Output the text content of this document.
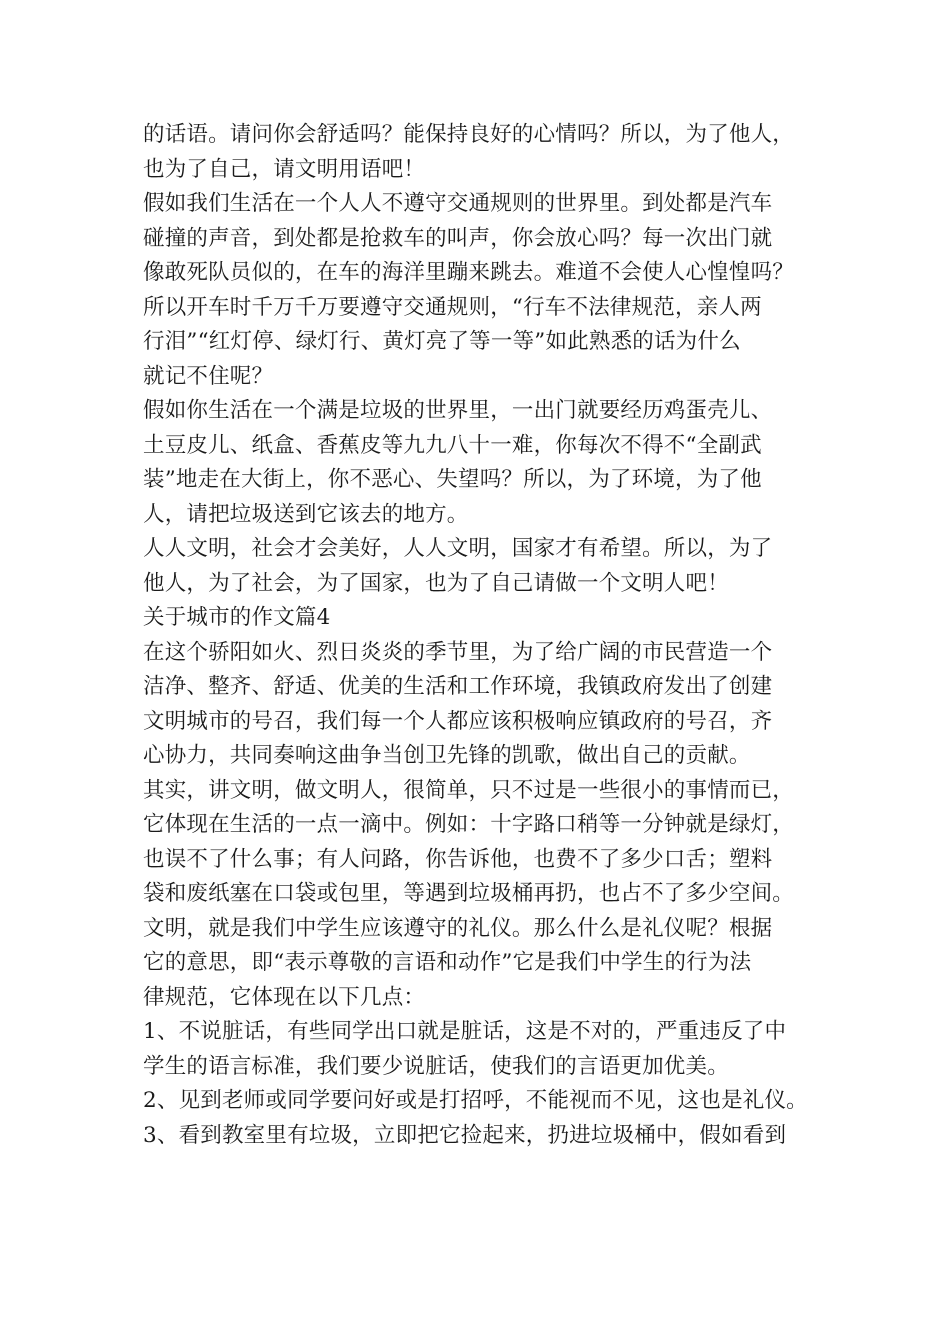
的话语。请问你会舒适吗？能保持良好的心情吗？所以，为了他人，
也为了自己，请文明用语吧！
假如我们生活在一个人人不遵守交通规则的世界里。到处都是汽车
碰撞的声音，到处都是抢救车的叫声，你会放心吗？每一次出门就
像敢死队员似的，在车的海洋里蹦来跳去。难道不会使人心惶惶吗？
所以开车时千万千万要遵守交通规则，“行车不法律规范，亲人两
行泪”“红灯停、绿灯行、黄灯亮了等一等”如此熟悉的话为什么
就记不住呢？
假如你生活在一个满是垃圾的世界里，一出门就要经历鸡蛋壳儿、
土豆皮儿、纸盒、香蕉皮等九九八十一难，你每次不得不“全副武
装”地走在大街上，你不恶心、失望吗？所以，为了环境，为了他
人，请把垃圾送到它该去的地方。
人人文明，社会才会美好，人人文明，国家才有希望。所以，为了
他人，为了社会，为了国家，也为了自己请做一个文明人吧！
关于城市的作文篇4
在这个骄阳如火、烈日炎炎的季节里，为了给广阔的市民营造一个
洁净、整齐、舒适、优美的生活和工作环境，我镇政府发出了创建
文明城市的号召，我们每一个人都应该积极响应镇政府的号召，齐
心协力，共同奏响这曲争当创卫先锋的凯歌，做出自己的贡献。
其实，讲文明，做文明人，很简单，只不过是一些很小的事情而已，
它体现在生活的一点一滴中。例如：十字路口稍等一分钟就是绿灯，
也误不了什么事；有人问路，你告诉他，也费不了多少口舌；塑料
袋和废纸塞在口袋或包里，等遇到垃圾桶再扔，也占不了多少空间。
文明，就是我们中学生应该遵守的礼仪。那么什么是礼仪呢？根据
它的意思，即“表示尊敬的言语和动作”它是我们中学生的行为法
律规范，它体现在以下几点：
1、不说脏话，有些同学出口就是脏话，这是不对的，严重违反了中
学生的语言标准，我们要少说脏话，使我们的言语更加优美。
2、见到老师或同学要问好或是打招呼，不能视而不见，这也是礼仪。
3、看到教室里有垃圾，立即把它捡起来，扔进垃圾桶中，假如看到
